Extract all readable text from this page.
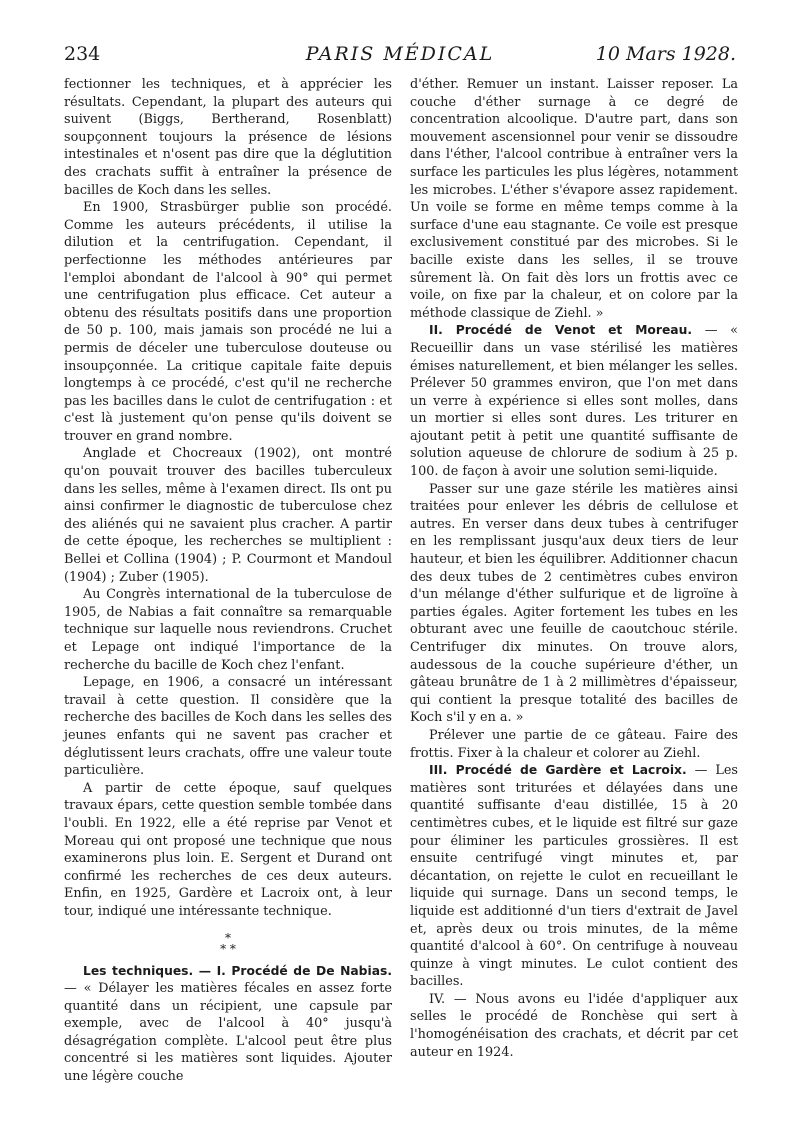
234	PARIS MÉDICAL	10 Mars 1928.

fectionner les techniques, et à apprécier les résultats. Cependant, la plupart des auteurs qui suivent (Biggs, Bertherand, Rosenblatt) soupçonnent toujours la présence de lésions intestinales et n'osent pas dire que la déglutition des crachats suffit à entraîner la présence de bacilles de Koch dans les selles.

En 1900, Strasbürger publie son procédé. Comme les auteurs précédents, il utilise la dilution et la centrifugation. Cependant, il perfectionne les méthodes antérieures par l'emploi abondant de l'alcool à 90° qui permet une centrifugation plus efficace. Cet auteur a obtenu des résultats positifs dans une proportion de 50 p. 100, mais jamais son procédé ne lui a permis de déceler une tuberculose douteuse ou insoupçonnée. La critique capitale faite depuis longtemps à ce procédé, c'est qu'il ne recherche pas les bacilles dans le culot de centrifugation : et c'est là justement qu'on pense qu'ils doivent se trouver en grand nombre.

Anglade et Chocreaux (1902), ont montré qu'on pouvait trouver des bacilles tuberculeux dans les selles, même à l'examen direct. Ils ont pu ainsi confirmer le diagnostic de tuberculose chez des aliénés qui ne savaient plus cracher. A partir de cette époque, les recherches se multiplient : Bellei et Collina (1904) ; P. Courmont et Mandoul (1904) ; Zuber (1905).

Au Congrès international de la tuberculose de 1905, de Nabias a fait connaître sa remarquable technique sur laquelle nous reviendrons. Cruchet et Lepage ont indiqué l'importance de la recherche du bacille de Koch chez l'enfant.

Lepage, en 1906, a consacré un intéressant travail à cette question. Il considère que la recherche des bacilles de Koch dans les selles des jeunes enfants qui ne savent pas cracher et déglutissent leurs crachats, offre une valeur toute particulière.

A partir de cette époque, sauf quelques travaux épars, cette question semble tombée dans l'oubli. En 1922, elle a été reprise par Venot et Moreau qui ont proposé une technique que nous examinerons plus loin. E. Sergent et Durand ont confirmé les recherches de ces deux auteurs. Enfin, en 1925, Gardère et Lacroix ont, à leur tour, indiqué une intéressante technique.

*
* *

Les techniques. — I. Procédé de De Nabias.— « Délayer les matières fécales en assez forte quantité dans un récipient, une capsule par exemple, avec de l'alcool à 40° jusqu'à désagrégation complète. L'alcool peut être plus concentré si les matières sont liquides. Ajouter une légère couche

d'éther. Remuer un instant. Laisser reposer. La couche d'éther surnage à ce degré de concentration alcoolique. D'autre part, dans son mouvement ascensionnel pour venir se dissoudre dans l'éther, l'alcool contribue à entraîner vers la surface les particules les plus légères, notamment les microbes. L'éther s'évapore assez rapidement. Un voile se forme en même temps comme à la surface d'une eau stagnante. Ce voile est presque exclusivement constitué par des microbes. Si le bacille existe dans les selles, il se trouve sûrement là. On fait dès lors un frottis avec ce voile, on fixe par la chaleur, et on colore par la méthode classique de Ziehl. »

II. Procédé de Venot et Moreau. — « Recueillir dans un vase stérilisé les matières émises naturellement, et bien mélanger les selles. Prélever 50 grammes environ, que l'on met dans un verre à expérience si elles sont molles, dans un mortier si elles sont dures. Les triturer en ajoutant petit à petit une quantité suffisante de solution aqueuse de chlorure de sodium à 25 p. 100. de façon à avoir une solution semi-liquide.

Passer sur une gaze stérile les matières ainsi traitées pour enlever les débris de cellulose et autres. En verser dans deux tubes à centrifuger en les remplissant jusqu'aux deux tiers de leur hauteur, et bien les équilibrer. Additionner chacun des deux tubes de 2 centimètres cubes environ d'un mélange d'éther sulfurique et de ligroïne à parties égales. Agiter fortement les tubes en les obturant avec une feuille de caoutchouc stérile. Centrifuger dix minutes. On trouve alors, audessous de la couche supérieure d'éther, un gâteau brunâtre de 1 à 2 millimètres d'épaisseur, qui contient la presque totalité des bacilles de Koch s'il y en a. »

Prélever une partie de ce gâteau. Faire des frottis. Fixer à la chaleur et colorer au Ziehl.

III. Procédé de Gardère et Lacroix. — Les matières sont triturées et délayées dans une quantité suffisante d'eau distillée, 15 à 20 centimètres cubes, et le liquide est filtré sur gaze pour éliminer les particules grossières. Il est ensuite centrifugé vingt minutes et, par décantation, on rejette le culot en recueillant le liquide qui surnage. Dans un second temps, le liquide est additionné d'un tiers d'extrait de Javel et, après deux ou trois minutes, de la même quantité d'alcool à 60°. On centrifuge à nouveau quinze à vingt minutes. Le culot contient des bacilles.

IV. — Nous avons eu l'idée d'appliquer aux selles le procédé de Ronchèse qui sert à l'homogénéisation des crachats, et décrit par cet auteur en 1924.
